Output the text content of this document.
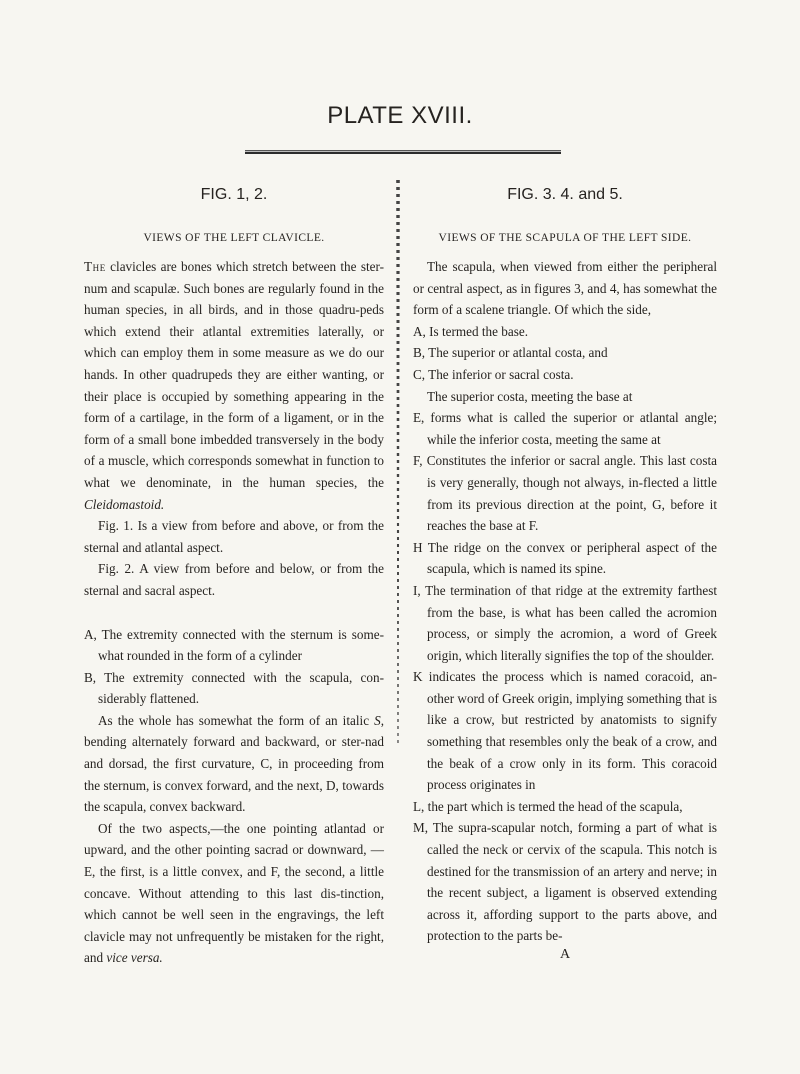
PLATE XVIII.
FIG. 1, 2.
VIEWS OF THE LEFT CLAVICLE.

The clavicles are bones which stretch between the ster-num and scapulæ. Such bones are regularly found in the human species, in all birds, and in those quadru-peds which extend their atlantal extremities laterally, or which can employ them in some measure as we do our hands. In other quadrupeds they are either wanting, or their place is occupied by something appearing in the form of a cartilage, in the form of a ligament, or in the form of a small bone imbedded transversely in the body of a muscle, which corresponds somewhat in function to what we denominate, in the human species, the Cleidomastoid.

Fig. 1. Is a view from before and above, or from the sternal and atlantal aspect.

Fig. 2. A view from before and below, or from the sternal and sacral aspect.

A, The extremity connected with the sternum is some-what rounded in the form of a cylinder

B, The extremity connected with the scapula, con-siderably flattened.

As the whole has somewhat the form of an italic S, bending alternately forward and backward, or ster-nad and dorsad, the first curvature, C, in proceeding from the sternum, is convex forward, and the next, D, towards the scapula, convex backward.

Of the two aspects,—the one pointing atlantad or upward, and the other pointing sacrad or downward, —E, the first, is a little convex, and F, the second, a little concave. Without attending to this last dis-tinction, which cannot be well seen in the engravings, the left clavicle may not unfrequently be mistaken for the right, and vice versa.

FIG. 3. 4. and 5.
VIEWS OF THE SCAPULA OF THE LEFT SIDE.

The scapula, when viewed from either the peripheral or central aspect, as in figures 3, and 4, has somewhat the form of a scalene triangle. Of which the side,

A, Is termed the base.

B, The superior or atlantal costa, and

C, The inferior or sacral costa.

The superior costa, meeting the base at

E, forms what is called the superior or atlantal angle; while the inferior costa, meeting the same at

F, Constitutes the inferior or sacral angle. This last costa is very generally, though not always, in-flected a little from its previous direction at the point, G, before it reaches the base at F.

H The ridge on the convex or peripheral aspect of the scapula, which is named its spine.

I, The termination of that ridge at the extremity farthest from the base, is what has been called the acromion process, or simply the acromion, a word of Greek origin, which literally signifies the top of the shoulder.

K indicates the process which is named coracoid, an-other word of Greek origin, implying something that is like a crow, but restricted by anatomists to signify something that resembles only the beak of a crow, and the beak of a crow only in its form. This coracoid process originates in

L, the part which is termed the head of the scapula,

M, The supra-scapular notch, forming a part of what is called the neck or cervix of the scapula. This notch is destined for the transmission of an artery and nerve; in the recent subject, a ligament is observed extending across it, affording support to the parts above, and protection to the parts be-

A
